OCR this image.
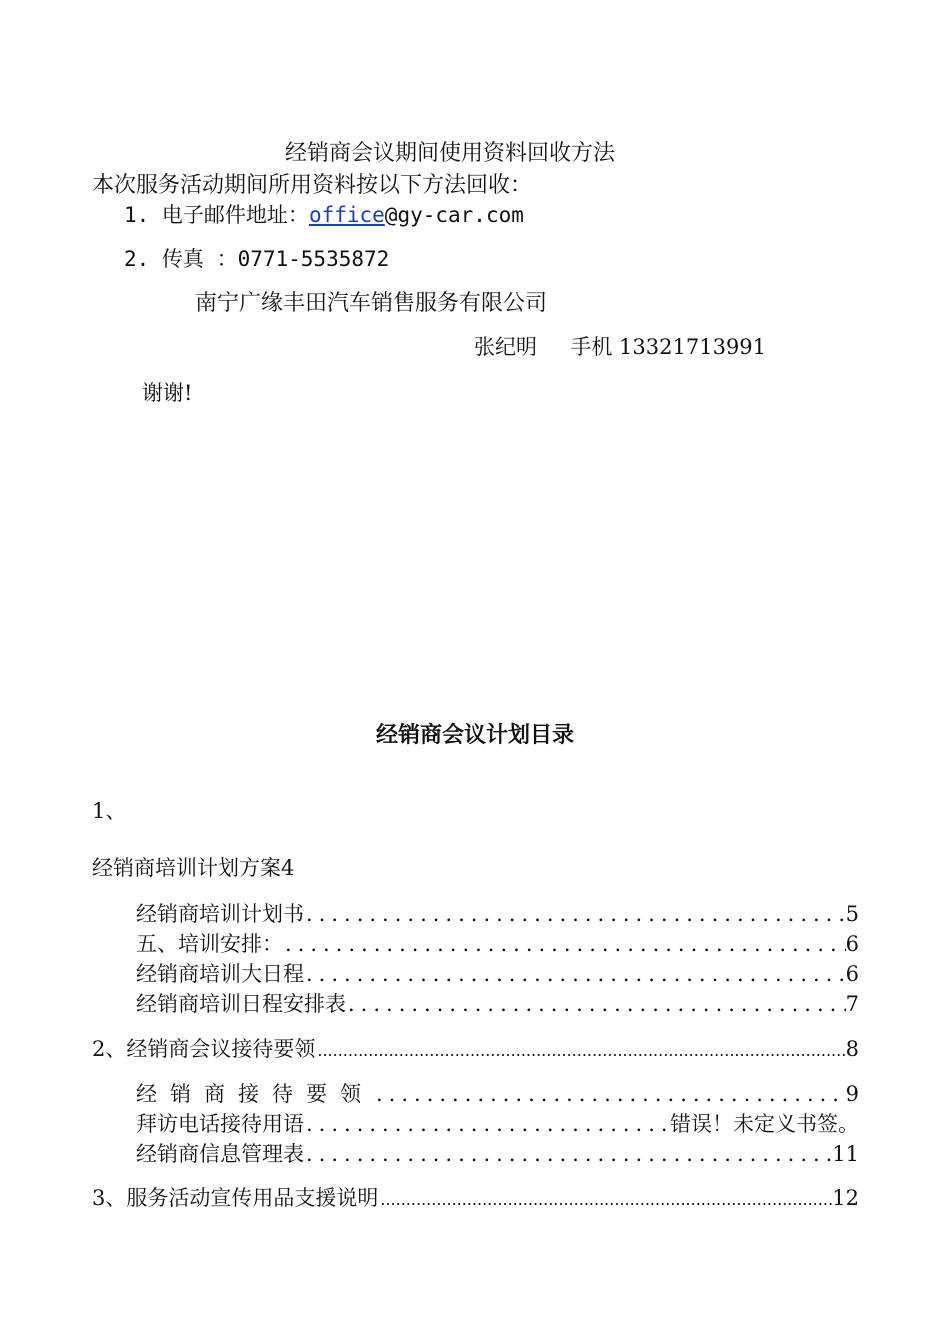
经销商会议期间使用资料回收方法
本次服务活动期间所用资料按以下方法回收：
1. 电子邮件地址：office@gy-car.com
2. 传真 ：0771-5535872
南宁广缘丰田汽车销售服务有限公司
张纪明     手机 13321713991
谢谢!
经销商会议计划目录
1、
经销商培训计划方案4
经销商培训计划书 .....	5
五、培训安排： .....	6
经销商培训大日程 .....	6
经销商培训日程安排表 .....	7
2、经销商会议接待要领 .....	8
经销商接待要领 .....	9
拜访电话接待用语 .....	错误！未定义书签。
经销商信息管理表 .....	11
3、服务活动宣传用品支援说明 .....	12
